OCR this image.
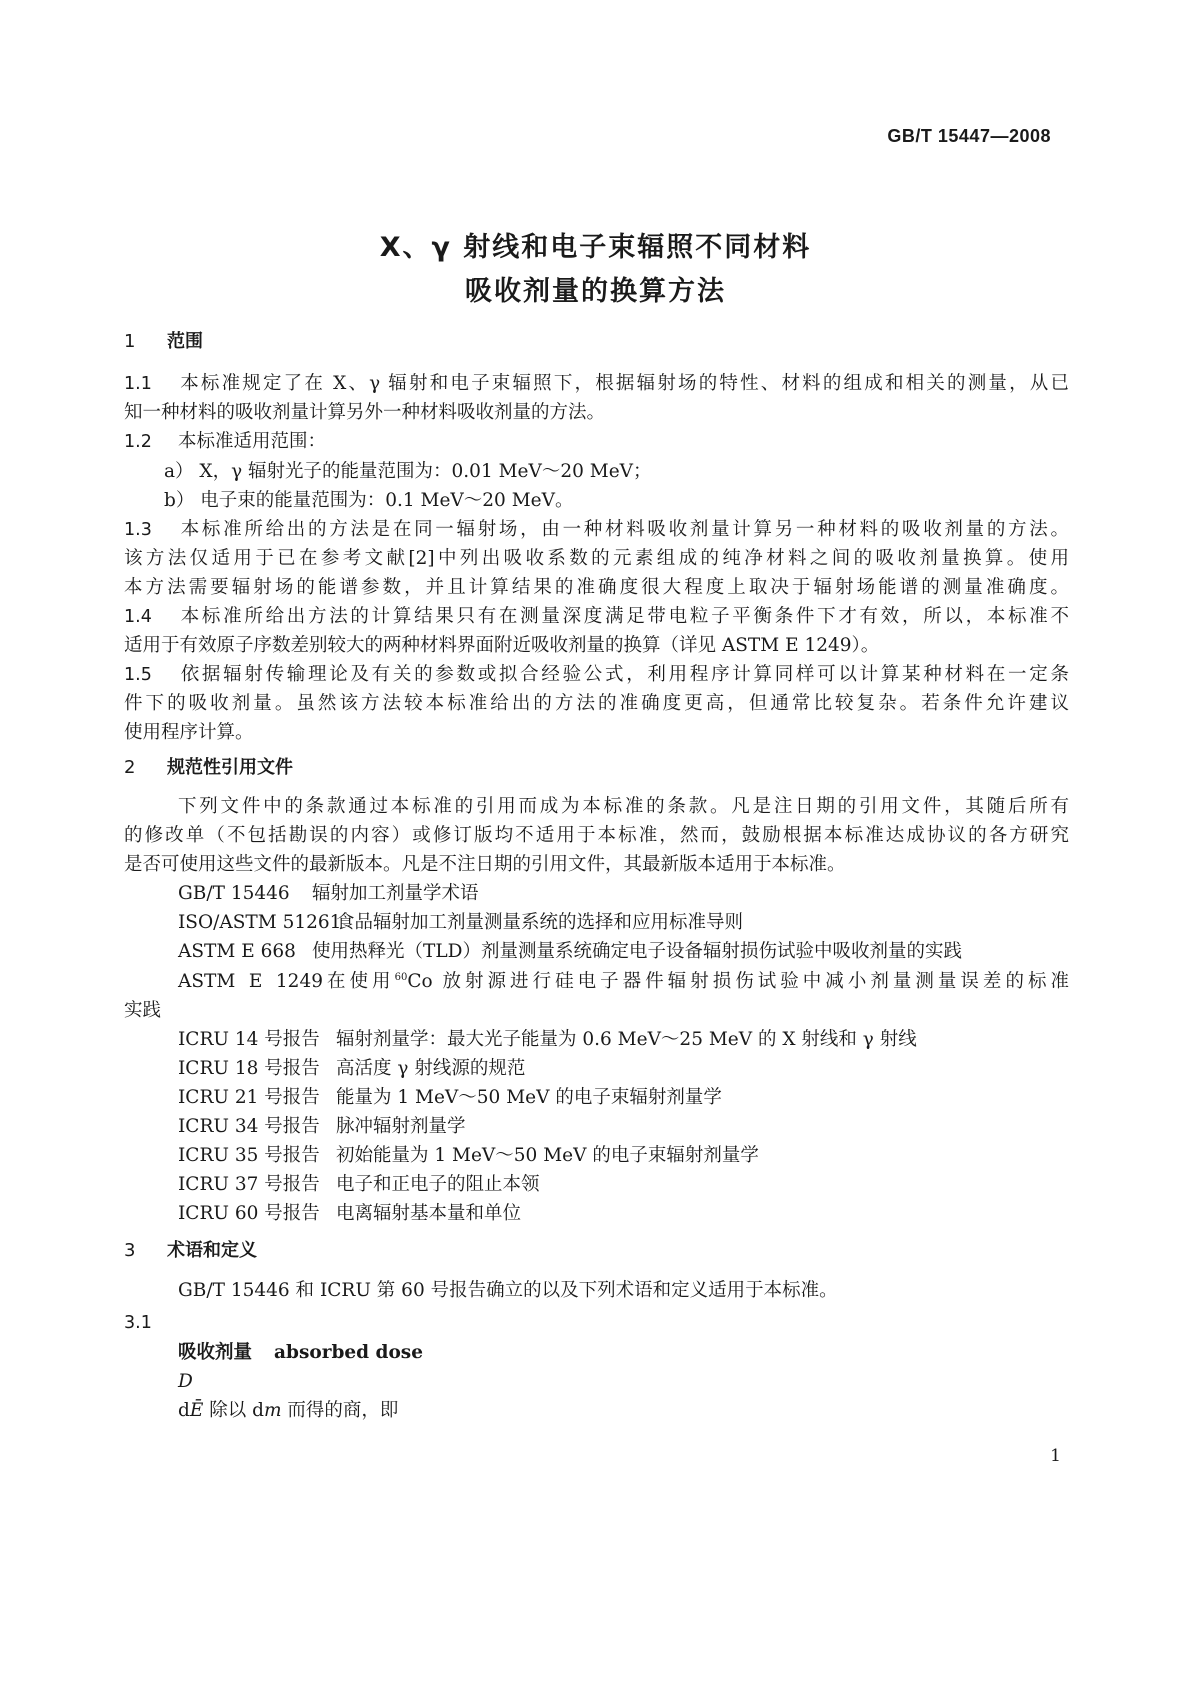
GB/T 15447—2008
X、γ 射线和电子束辐照不同材料
吸收剂量的换算方法
1 范围
1.1 本标准规定了在 X、γ 辐射和电子束辐照下，根据辐射场的特性、材料的组成和相关的测量，从已
知一种材料的吸收剂量计算另外一种材料吸收剂量的方法。
1.2 本标准适用范围：
a） X，γ 辐射光子的能量范围为：0.01 MeV～20 MeV；
b） 电子束的能量范围为：0.1 MeV～20 MeV。
1.3 本标准所给出的方法是在同一辐射场，由一种材料吸收剂量计算另一种材料的吸收剂量的方法。
该方法仅适用于已在参考文献[2]中列出吸收系数的元素组成的纯净材料之间的吸收剂量换算。使用
本方法需要辐射场的能谱参数，并且计算结果的准确度很大程度上取决于辐射场能谱的测量准确度。
1.4 本标准所给出方法的计算结果只有在测量深度满足带电粒子平衡条件下才有效，所以，本标准不
适用于有效原子序数差别较大的两种材料界面附近吸收剂量的换算（详见 ASTM E 1249）。
1.5 依据辐射传输理论及有关的参数或拟合经验公式，利用程序计算同样可以计算某种材料在一定条
件下的吸收剂量。虽然该方法较本标准给出的方法的准确度更高，但通常比较复杂。若条件允许建议
使用程序计算。
2 规范性引用文件
下列文件中的条款通过本标准的引用而成为本标准的条款。凡是注日期的引用文件，其随后所有
的修改单（不包括勘误的内容）或修订版均不适用于本标准，然而，鼓励根据本标准达成协议的各方研究
是否可使用这些文件的最新版本。凡是不注日期的引用文件，其最新版本适用于本标准。
GB/T 15446 辐射加工剂量学术语
ISO/ASTM 51261食品辐射加工剂量测量系统的选择和应用标准导则
ASTM E 668 使用热释光（TLD）剂量测量系统确定电子设备辐射损伤试验中吸收剂量的实践
ASTM E 1249在使用$^{60}$Co 放射源进行硅电子器件辐射损伤试验中减小剂量测量误差的标准
实践
ICRU 14 号报告 辐射剂量学：最大光子能量为 0.6 MeV～25 MeV 的 X 射线和 γ 射线
ICRU 18 号报告 高活度 γ 射线源的规范
ICRU 21 号报告 能量为 1 MeV～50 MeV 的电子束辐射剂量学
ICRU 34 号报告 脉冲辐射剂量学
ICRU 35 号报告 初始能量为 1 MeV～50 MeV 的电子束辐射剂量学
ICRU 37 号报告 电子和正电子的阻止本领
ICRU 60 号报告 电离辐射基本量和单位
3 术语和定义
GB/T 15446 和 ICRU 第 60 号报告确立的以及下列术语和定义适用于本标准。
3.1
吸收剂量 absorbed dose
D
dĒ 除以 dm 而得的商，即
1
